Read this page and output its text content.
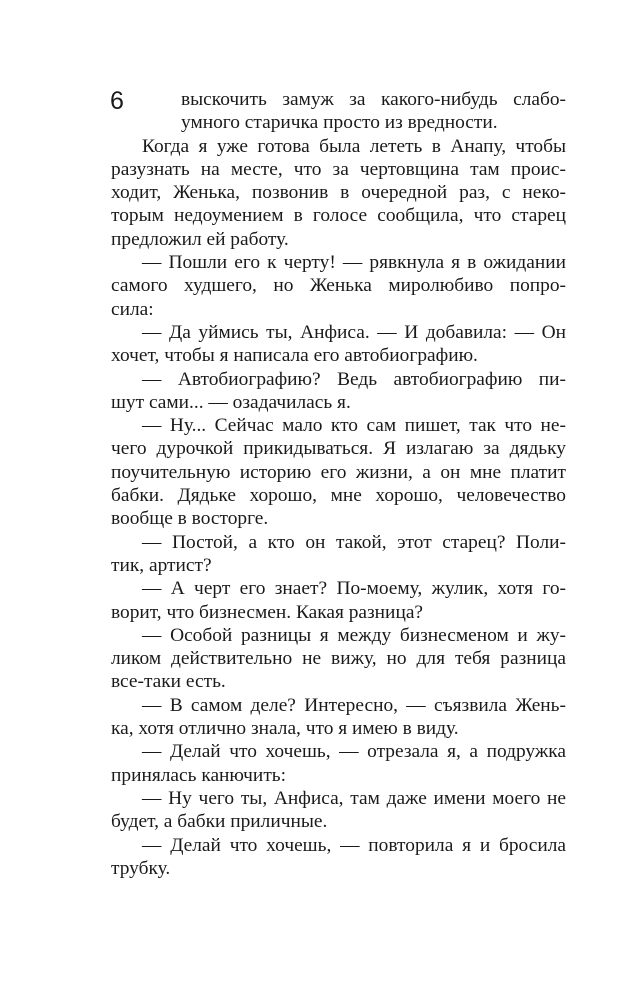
6	выскочить замуж за какого-нибудь слабо-

умного старичка просто из вредности.

Когда я уже готова была лететь в Анапу, чтобы

разузнать на месте, что за чертовщина там проис-

ходит, Женька, позвонив в очередной раз, с неко-

торым недоумением в голосе сообщила, что старец

предложил ей работу.

— Пошли его к черту! — рявкнула я в ожидании

самого худшего, но Женька миролюбиво попро-

сила:

— Да уймись ты, Анфиса. — И добавила: — Он

хочет, чтобы я написала его автобиографию.

— Автобиографию? Ведь автобиографию пи-

шут сами... — озадачилась я.

— Ну... Сейчас мало кто сам пишет, так что не-

чего дурочкой прикидываться. Я излагаю за дядьку

поучительную историю его жизни, а он мне платит

бабки. Дядьке хорошо, мне хорошо, человечество

вообще в восторге.

— Постой, а кто он такой, этот старец? Поли-

тик, артист?

— А черт его знает? По-моему, жулик, хотя го-

ворит, что бизнесмен. Какая разница?

— Особой разницы я между бизнесменом и жу-

ликом действительно не вижу, но для тебя разница

все-таки есть.

— В самом деле? Интересно, — съязвила Жень-

ка, хотя отлично знала, что я имею в виду.

— Делай что хочешь, — отрезала я, а подружка

принялась канючить:

— Ну чего ты, Анфиса, там даже имени моего не

будет, а бабки приличные.

— Делай что хочешь, — повторила я и бросила

трубку.
